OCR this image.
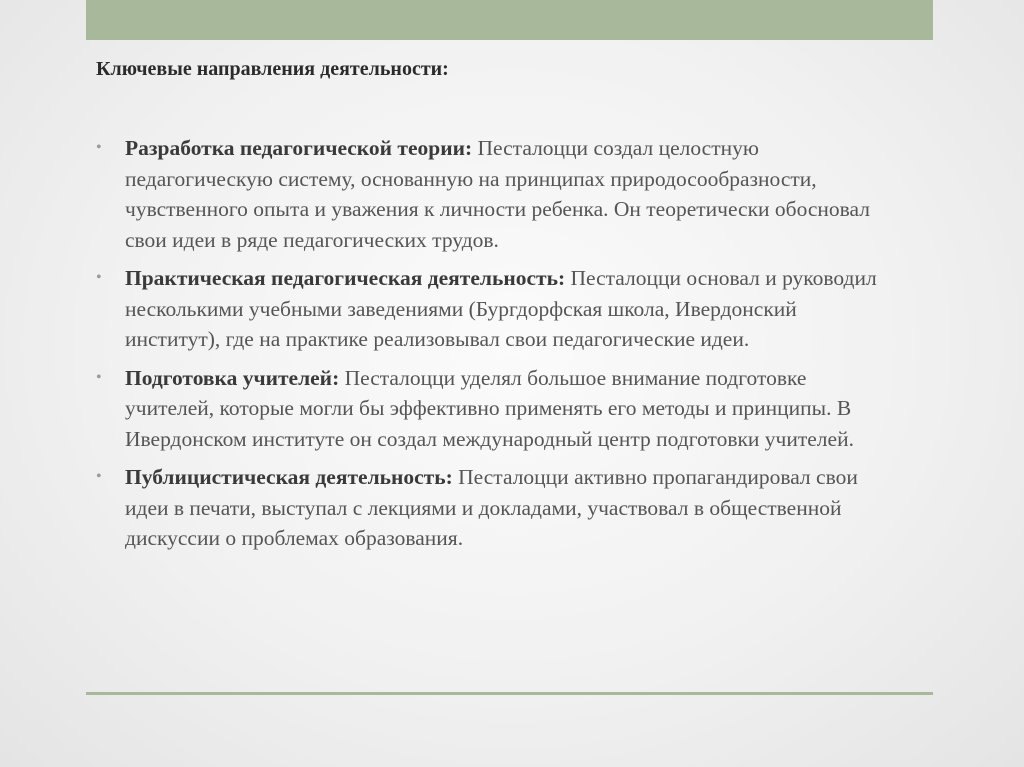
Ключевые направления деятельности:
• Разработка педагогической теории: Песталоцци создал целостную педагогическую систему, основанную на принципах природосообразности, чувственного опыта и уважения к личности ребенка. Он теоретически обосновал свои идеи в ряде педагогических трудов.
• Практическая педагогическая деятельность: Песталоцци основал и руководил несколькими учебными заведениями (Бургдорфская школа, Ивердонский институт), где на практике реализовывал свои педагогические идеи.
• Подготовка учителей: Песталоцци уделял большое внимание подготовке учителей, которые могли бы эффективно применять его методы и принципы. В Ивердонском институте он создал международный центр подготовки учителей.
• Публицистическая деятельность: Песталоцци активно пропагандировал свои идеи в печати, выступал с лекциями и докладами, участвовал в общественной дискуссии о проблемах образования.
